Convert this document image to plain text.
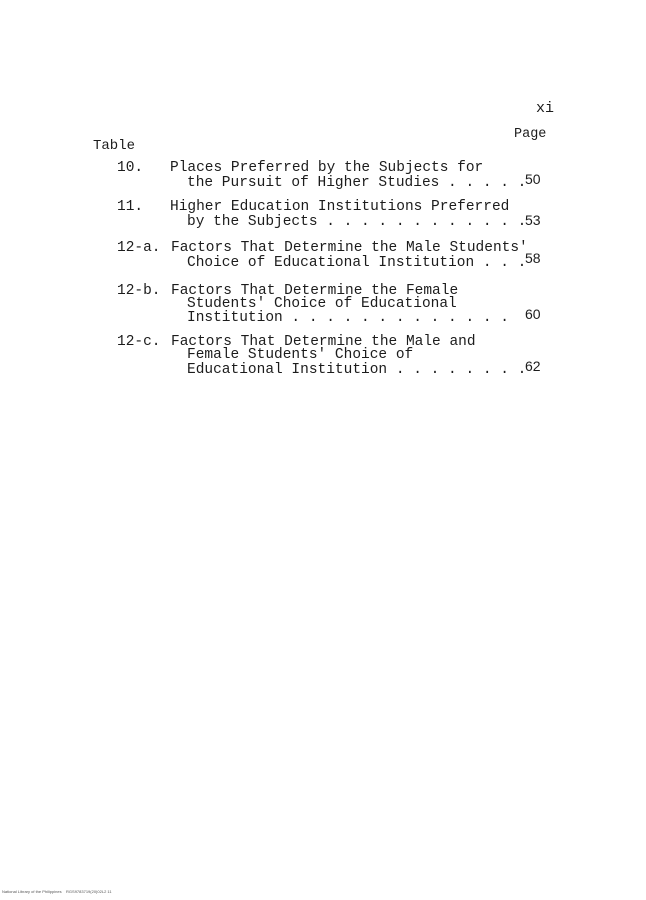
xi
Table
Page
10. Places Preferred by the Subjects for
the Pursuit of Higher Studies . . . . .
50
11. Higher Education Institutions Preferred
by the Subjects . . . . . . . . . . . .
53
12-a. Factors That Determine the Male Students'
Choice of Educational Institution . . .
58
12-b. Factors That Determine the Female
Students' Choice of Educational
Institution . . . . . . . . . . . . . 60
12-c. Factors That Determine the Male and
Female Students' Choice of
Educational Institution . . . . . . . .
62
National Library of the Philippines    RGS9783719(20)02L2 11
